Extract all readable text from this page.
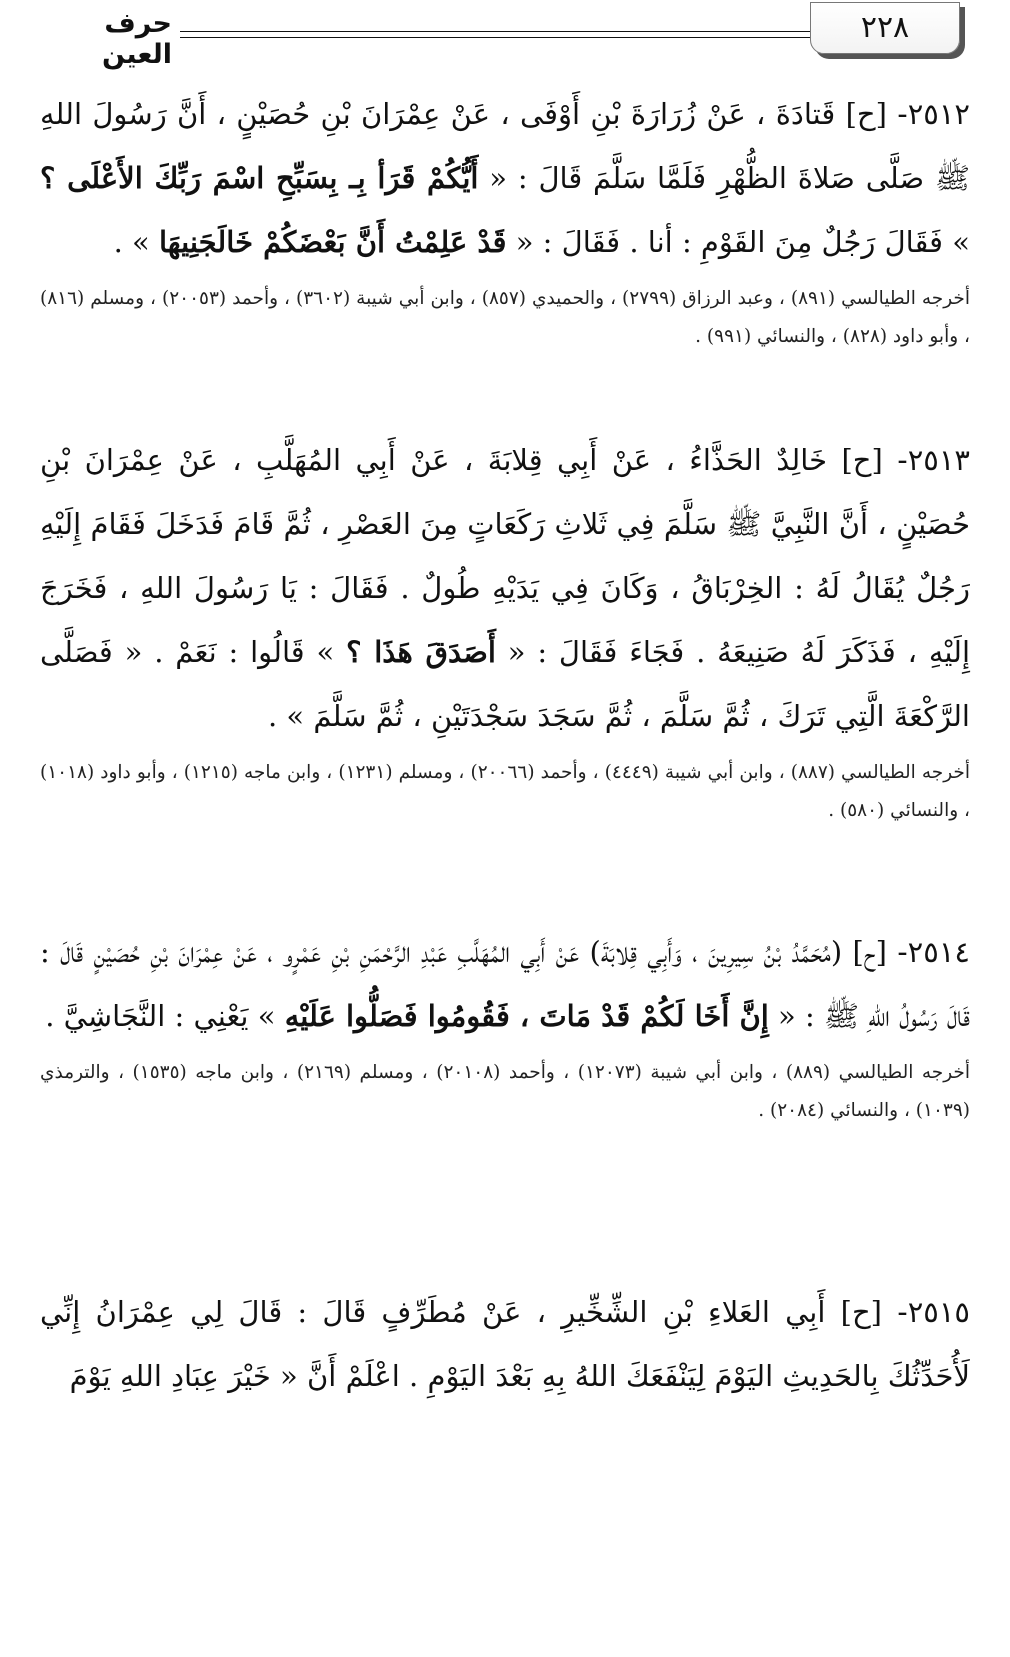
٢٢٨
حرف العين

٢٥١٢- [ح] قَتادَةَ ، عَنْ زُرَارَةَ بْنِ أَوْفَى ، عَنْ عِمْرَانَ بْنِ حُصَيْنٍ ، أَنَّ رَسُولَ اللهِ ﷺ صَلَّى صَلاةَ الظُّهْرِ فَلَمَّا سَلَّمَ قَالَ : « أَيُّكُمْ قَرَأ بِـ بِسَبِّحِ اسْمَ رَبِّكَ الأَعْلَى ؟ » فَقَالَ رَجُلٌ مِنَ القَوْمِ : أنا . فَقَالَ : « قَدْ عَلِمْتُ أَنَّ بَعْضَكُمْ خَالَجَنِيهَا » .

أخرجه الطيالسي (٨٩١) ، وعبد الرزاق (٢٧٩٩) ، والحميدي (٨٥٧) ، وابن أبي شيبة (٣٦٠٢) ، وأحمد (٢٠٠٥٣) ، ومسلم (٨١٦) ، وأبو داود (٨٢٨) ، والنسائي (٩٩١) .

٢٥١٣- [ح] خَالِدٌ الحَذَّاءُ ، عَنْ أَبِي قِلابَةَ ، عَنْ أَبِي المُهَلَّبِ ، عَنْ عِمْرَانَ بْنِ حُصَيْنٍ ، أَنَّ النَّبِيَّ ﷺ سَلَّمَ فِي ثَلاثِ رَكَعَاتٍ مِنَ العَصْرِ ، ثُمَّ قَامَ فَدَخَلَ فَقَامَ إِلَيْهِ رَجُلٌ يُقَالُ لَهُ : الخِرْبَاقُ ، وَكَانَ فِي يَدَيْهِ طُولٌ . فَقَالَ : يَا رَسُولَ اللهِ ، فَخَرَجَ إِلَيْهِ ، فَذَكَرَ لَهُ صَنِيعَهُ . فَجَاءَ فَقَالَ : « أَصَدَقَ هَذَا ؟ » قَالُوا : نَعَمْ . « فَصَلَّى الرَّكْعَةَ الَّتِي تَرَكَ ، ثُمَّ سَلَّمَ ، ثُمَّ سَجَدَ سَجْدَتَيْنِ ، ثُمَّ سَلَّمَ » .

أخرجه الطيالسي (٨٨٧) ، وابن أبي شيبة (٤٤٤٩) ، وأحمد (٢٠٠٦٦) ، ومسلم (١٢٣١) ، وابن ماجه (١٢١٥) ، وأبو داود (١٠١٨) ، والنسائي (٥٨٠) .

٢٥١٤- [ح] (مُحَمَّدُ بْنُ سِيرِينَ ، وَأَبِي قِلابَةَ) عَنْ أَبِي المُهَلَّبِ عَبْدِ الرَّحْمَنِ بْنِ عَمْرٍو ، عَنْ عِمْرَانَ بْنِ حُصَيْنٍ قَالَ : قَالَ رَسُولُ اللهِ ﷺ : « إِنَّ أَخَا لَكُمْ قَدْ مَاتَ ، فَقُومُوا فَصَلُّوا عَلَيْهِ » يَعْنِي : النَّجَاشِيَّ .

أخرجه الطيالسي (٨٨٩) ، وابن أبي شيبة (١٢٠٧٣) ، وأحمد (٢٠١٠٨) ، ومسلم (٢١٦٩) ، وابن ماجه (١٥٣٥) ، والترمذي (١٠٣٩) ، والنسائي (٢٠٨٤) .

٢٥١٥- [ح] أَبِي العَلاءِ بْنِ الشِّخِّيرِ ، عَنْ مُطَرِّفٍ قَالَ : قَالَ لِي عِمْرَانُ إِنِّي لَأُحَدِّثُكَ بِالحَدِيثِ اليَوْمَ لِيَنْفَعَكَ اللهُ بِهِ بَعْدَ اليَوْمِ . اعْلَمْ أَنَّ « خَيْرَ عِبَادِ اللهِ يَوْمَ
